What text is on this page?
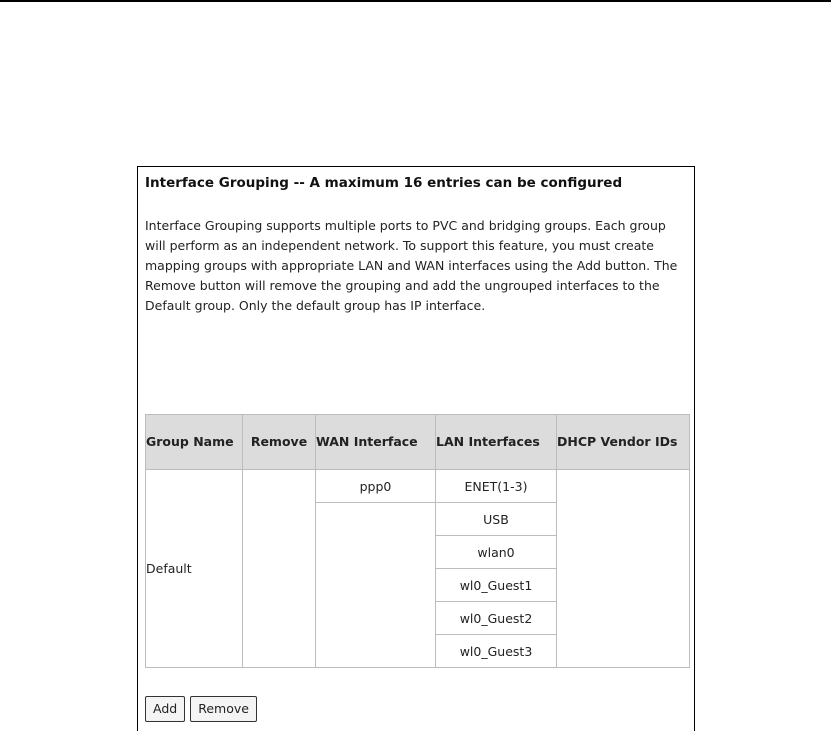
Interface Grouping -- A maximum 16 entries can be configured
Interface Grouping supports multiple ports to PVC and bridging groups. Each group will perform as an independent network. To support this feature, you must create mapping groups with appropriate LAN and WAN interfaces using the Add button. The Remove button will remove the grouping and add the ungrouped interfaces to the Default group. Only the default group has IP interface.
Group Name	Remove	WAN Interface	LAN Interfaces	DHCP Vendor IDs
Default		ppp0	ENET(1-3)	
			USB	
			wlan0	
			wl0_Guest1	
			wl0_Guest2	
			wl0_Guest3	
Add Remove
